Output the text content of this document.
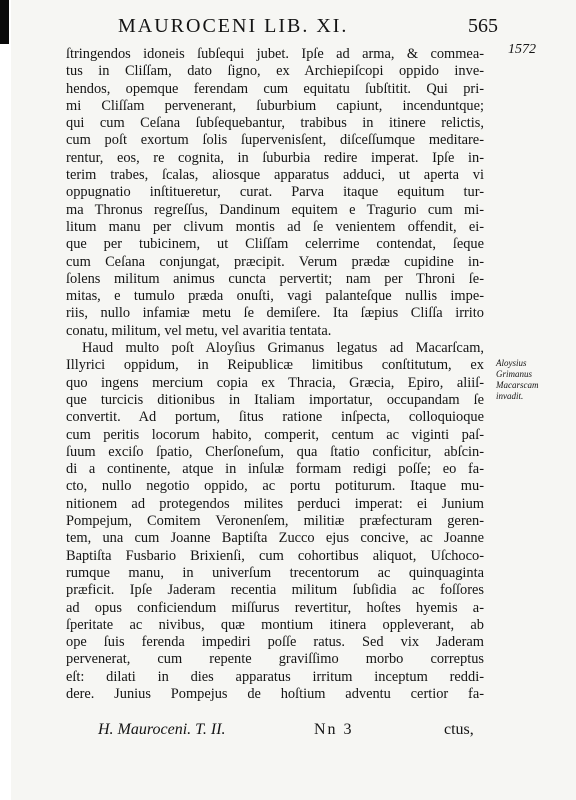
MAUROCENI LIB. XI.	565
1572
ſtringendos idoneis ſubſequi jubet. Ipſe ad arma, & commea-
tus in Cliſſam, dato ſigno, ex Archiepiſcopi oppido inve-
hendos, opemque ferendam cum equitatu ſubſtitit. Qui pri-
mi Cliſſam pervenerant, ſuburbium capiunt, incenduntque;
qui cum Ceſana ſubſequebantur, trabibus in itinere relictis,
cum poſt exortum ſolis ſupervenisſent, diſceſſumque meditare-
rentur, eos, re cognita, in ſuburbia redire imperat. Ipſe in-
terim trabes, ſcalas, aliosque apparatus adduci, ut aperta vi
oppugnatio inſtitueretur, curat. Parva itaque equitum tur-
ma Thronus regreſſus, Dandinum equitem e Tragurio cum mi-
litum manu per clivum montis ad ſe venientem offendit, ei-
que per tubicinem, ut Cliſſam celerrime contendat, ſeque
cum Ceſana conjungat, præcipit. Verum prædæ cupidine in-
ſolens militum animus cuncta pervertit; nam per Throni ſe-
mitas, e tumulo præda onuſti, vagi palanteſque nullis impe-
riis, nullo infamiæ metu ſe demiſere. Ita ſæpius Cliſſa irrito
conatu, militum, vel metu, vel avaritia tentata.
Haud multo poſt Aloyſius Grimanus legatus ad Macarſcam,
Illyrici oppidum, in Reipublicæ limitibus conſtitutum, ex
quo ingens mercium copia ex Thracia, Græcia, Epiro, aliiſ-
que turcicis ditionibus in Italiam importatur, occupandam ſe
convertit. Ad portum, ſitus ratione inſpecta, colloquioque
cum peritis locorum habito, comperit, centum ac viginti paſ-
ſuum exciſo ſpatio, Cherſoneſum, qua ſtatio conficitur, abſcin-
di a continente, atque in inſulæ formam redigi poſſe; eo fa-
cto, nullo negotio oppido, ac portu potiturum. Itaque mu-
nitionem ad protegendos milites perduci imperat: ei Junium
Pompejum, Comitem Veronenſem, militiæ præfecturam geren-
tem, una cum Joanne Baptiſta Zucco ejus concive, ac Joanne
Baptiſta Fusbario Brixienſi, cum cohortibus aliquot, Uſchoco-
rumque manu, in univerſum trecentorum ac quinquaginta
præficit. Ipſe Jaderam recentia militum ſubſidia ac foſſores
ad opus conficiendum miſſurus revertitur, hoſtes hyemis a-
ſperitate ac nivibus, quæ montium itinera oppleverant, ab
ope ſuis ferenda impediri poſſe ratus. Sed vix Jaderam
pervenerat, cum repente graviſſimo morbo correptus
eſt: dilati in dies apparatus irritum inceptum reddi-
dere. Junius Pompejus de hoſtium adventu certior fa-
Aloysius
Grimanus
Macarscam
invadit.
H. Mauroceni. T. II.	Nn 3	ctus,
